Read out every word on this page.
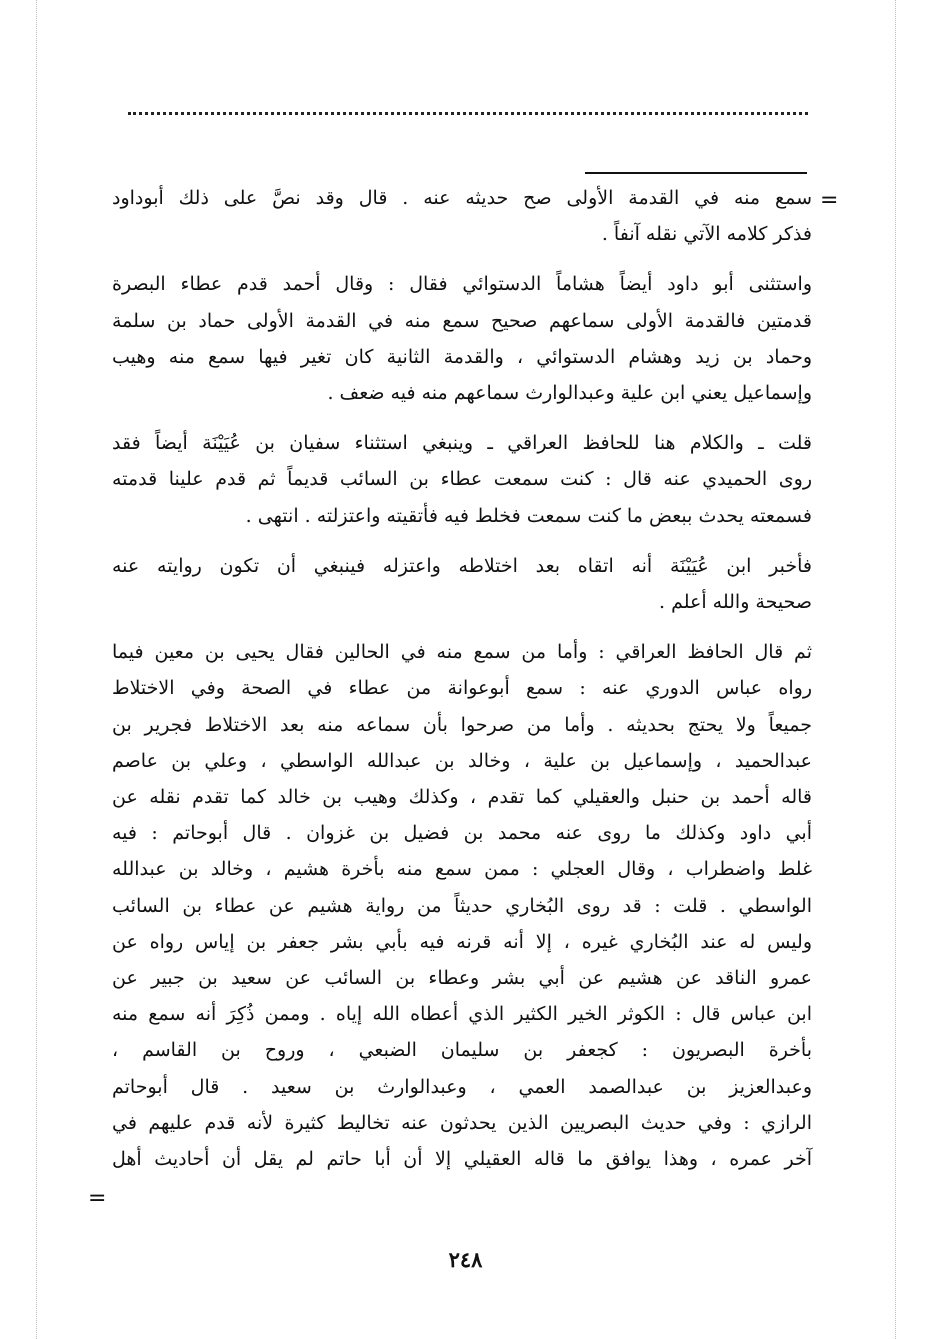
=

سمع منه في القدمة الأولى صح حديثه عنه . قال وقد نصَّ على ذلك أبوداود
فذكر كلامه الآتي نقله آنفاً .

واستثنى أبو داود أيضاً هشاماً الدستوائي فقال : وقال أحمد قدم عطاء البصرة
قدمتين فالقدمة الأولى سماعهم صحيح سمع منه في القدمة الأولى حماد بن سلمة
وحماد بن زيد وهشام الدستوائي ، والقدمة الثانية كان تغير فيها سمع منه وهيب
وإسماعيل يعني ابن علية وعبدالوارث سماعهم منه فيه ضعف .

قلت ـ والكلام هنا للحافظ العراقي ـ وينبغي استثناء سفيان بن عُيَيْنَة أيضاً فقد
روى الحميدي عنه قال : كنت سمعت عطاء بن السائب قديماً ثم قدم علينا قدمته
فسمعته يحدث ببعض ما كنت سمعت فخلط فيه فأتقيته واعتزلته . انتهى .

فأخبر ابن عُيَيْنَة أنه اتقاه بعد اختلاطه واعتزله فينبغي أن تكون روايته عنه
صحيحة والله أعلم .

ثم قال الحافظ العراقي : وأما من سمع منه في الحالين فقال يحيى بن معين فيما
رواه عباس الدوري عنه : سمع أبوعوانة من عطاء في الصحة وفي الاختلاط
جميعاً ولا يحتج بحديثه . وأما من صرحوا بأن سماعه منه بعد الاختلاط فجرير بن
عبدالحميد ، وإسماعيل بن علية ، وخالد بن عبدالله الواسطي ، وعلي بن عاصم
قاله أحمد بن حنبل والعقيلي كما تقدم ، وكذلك وهيب بن خالد كما تقدم نقله عن
أبي داود وكذلك ما روى عنه محمد بن فضيل بن غزوان . قال أبوحاتم : فيه
غلط واضطراب ، وقال العجلي : ممن سمع منه بأخرة هشيم ، وخالد بن عبدالله
الواسطي . قلت : قد روى البُخاري حديثاً من رواية هشيم عن عطاء بن السائب
وليس له عند البُخاري غيره ، إلا أنه قرنه فيه بأبي بشر جعفر بن إياس رواه عن
عمرو الناقد عن هشيم عن أبي بشر وعطاء بن السائب عن سعيد بن جبير عن
ابن عباس قال : الكوثر الخير الكثير الذي أعطاه الله إياه . وممن ذُكِرَ أنه سمع منه
بأخرة البصريون : كجعفر بن سليمان الضبعي ، وروح بن القاسم ،
وعبدالعزيز بن عبدالصمد العمي ، وعبدالوارث بن سعيد . قال أبوحاتم
الرازي : وفي حديث البصريين الذين يحدثون عنه تخاليط كثيرة لأنه قدم عليهم في
آخر عمره ، وهذا يوافق ما قاله العقيلي إلا أن أبا حاتم لم يقل أن أحاديث أهل

=
٢٤٨
